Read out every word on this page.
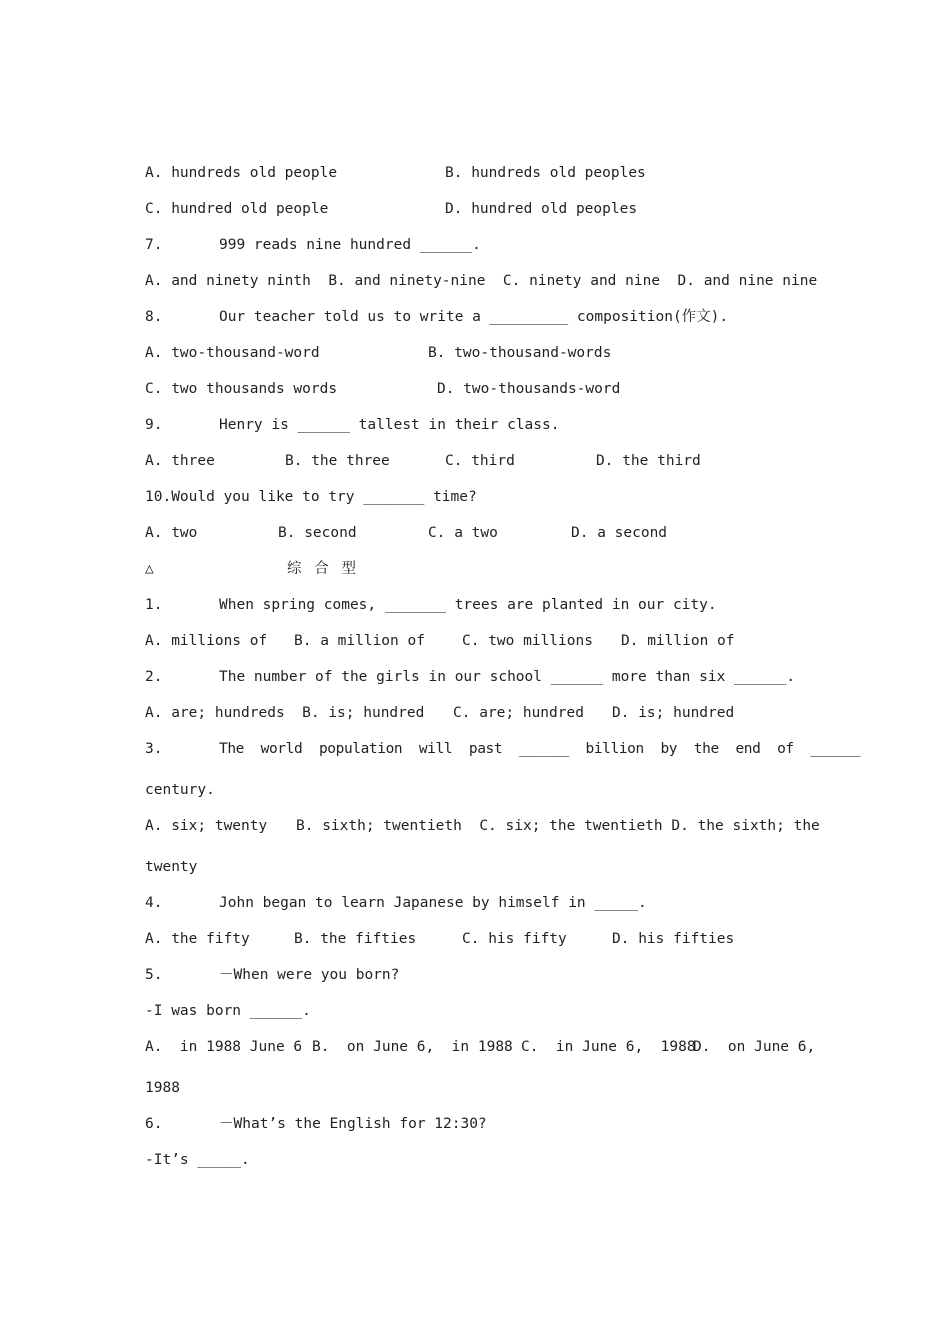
A. hundreds old people

	B. hundreds old peoples

C. hundred old people

	D. hundred old peoples

7.

	999 reads nine hundred ______.

A. and ninety ninth  B. and ninety-nine  C. ninety and nine  D. and nine nine

8.

	Our teacher told us to write a _________ composition(作文).

A. two-thousand-word

	B. two-thousand-words

C. two thousands words

	D. two-thousands-word

9.

	Henry is ______ tallest in their class.

A. three

	B. the three

	C. third

	D. the third

10.Would you like to try _______ time?

A. two

	B. second

	C. a two

	D. a second

△

	综 合 型

1.

	When spring comes, _______ trees are planted in our city.

A. millions of

B. a million of

	C. two millions

D. million of

2.

	The number of the girls in our school ______ more than six ______.

A. are; hundreds  B. is; hundred

C. are; hundred

D. is; hundred

3.

	The  world  population  will  past  ______  billion  by  the  end  of  ______

century.

A. six; twenty

B. sixth; twentieth  C. six; the twentieth D. the sixth; the

twenty

4.

	John began to learn Japanese by himself in _____.

A. the fifty

	B. the fifties

	C. his fifty

	D. his fifties

5.

	－When were you born?

-I was born ______.

A.  in 1988 June 6

B.  on June 6,  in 1988

C.  in June 6,  1988

D.  on June 6,

1988

6.

	－What’s the English for 12:30?

-It’s _____.
